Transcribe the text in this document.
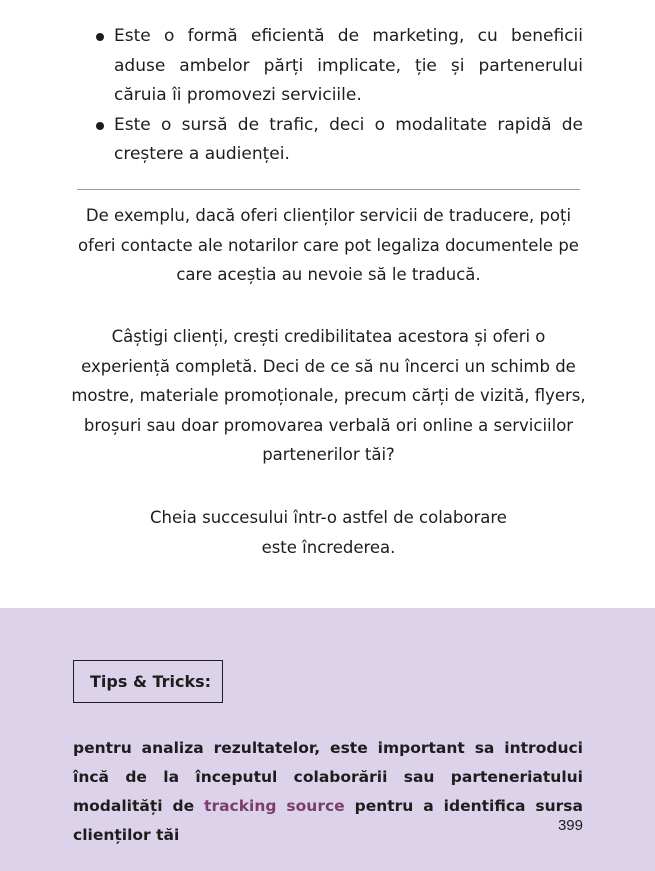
Este o formă eficientă de marketing, cu beneficii aduse ambelor părți implicate, ție și partenerului căruia îi promovezi serviciile.
Este o sursă de trafic, deci o modalitate rapidă de creștere a audienței.

De exemplu, dacă oferi clienților servicii de traducere, poți oferi contacte ale notarilor care pot legaliza documentele pe care aceștia au nevoie să le traducă.

Câștigi clienți, crești credibilitatea acestora și oferi o experiență completă. Deci de ce să nu încerci un schimb de mostre, materiale promoționale, precum cărți de vizită, flyers, broșuri sau doar promovarea verbală ori online a serviciilor partenerilor tăi?

Cheia succesului într-o astfel de colaborare
este încrederea.

Tips & Tricks:

pentru analiza rezultatelor, este important sa introduci încă de la începutul colaborării sau parteneriatului modalități de tracking source pentru a identifica sursa clienților tăi

399
